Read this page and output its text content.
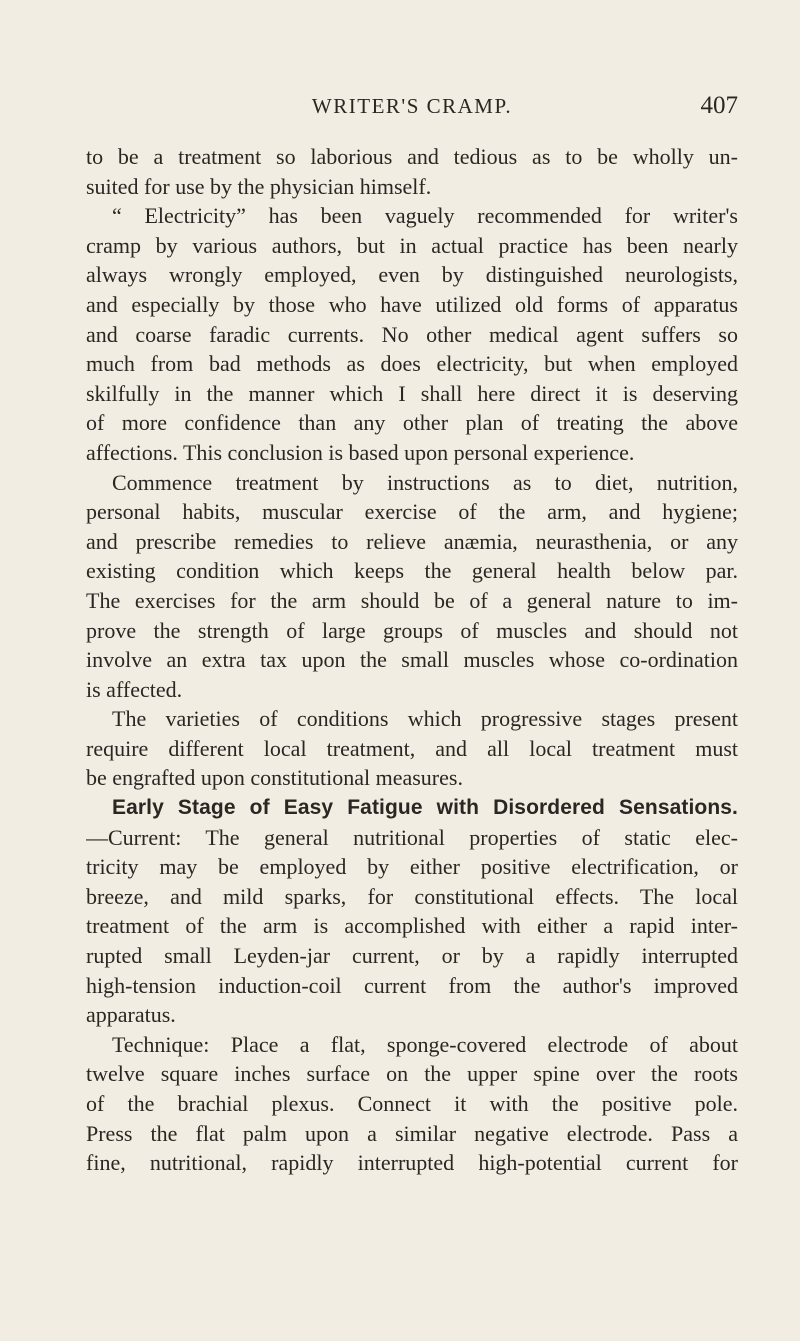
WRITER'S CRAMP.	407
to be a treatment so laborious and tedious as to be wholly un-
suited for use by the physician himself.
“ Electricity” has been vaguely recommended for writer's
cramp by various authors, but in actual practice has been nearly
always wrongly employed, even by distinguished neurologists,
and especially by those who have utilized old forms of apparatus
and coarse faradic currents. No other medical agent suffers so
much from bad methods as does electricity, but when employed
skilfully in the manner which I shall here direct it is deserving
of more confidence than any other plan of treating the above
affections. This conclusion is based upon personal experience.
Commence treatment by instructions as to diet, nutrition,
personal habits, muscular exercise of the arm, and hygiene;
and prescribe remedies to relieve anæmia, neurasthenia, or any
existing condition which keeps the general health below par.
The exercises for the arm should be of a general nature to im-
prove the strength of large groups of muscles and should not
involve an extra tax upon the small muscles whose co-ordination
is affected.
The varieties of conditions which progressive stages present
require different local treatment, and all local treatment must
be engrafted upon constitutional measures.
Early Stage of Easy Fatigue with Disordered Sensations.
—Current: The general nutritional properties of static elec-
tricity may be employed by either positive electrification, or
breeze, and mild sparks, for constitutional effects. The local
treatment of the arm is accomplished with either a rapid inter-
rupted small Leyden-jar current, or by a rapidly interrupted
high-tension induction-coil current from the author's improved
apparatus.
Technique: Place a flat, sponge-covered electrode of about
twelve square inches surface on the upper spine over the roots
of the brachial plexus. Connect it with the positive pole.
Press the flat palm upon a similar negative electrode. Pass a
fine, nutritional, rapidly interrupted high-potential current for
